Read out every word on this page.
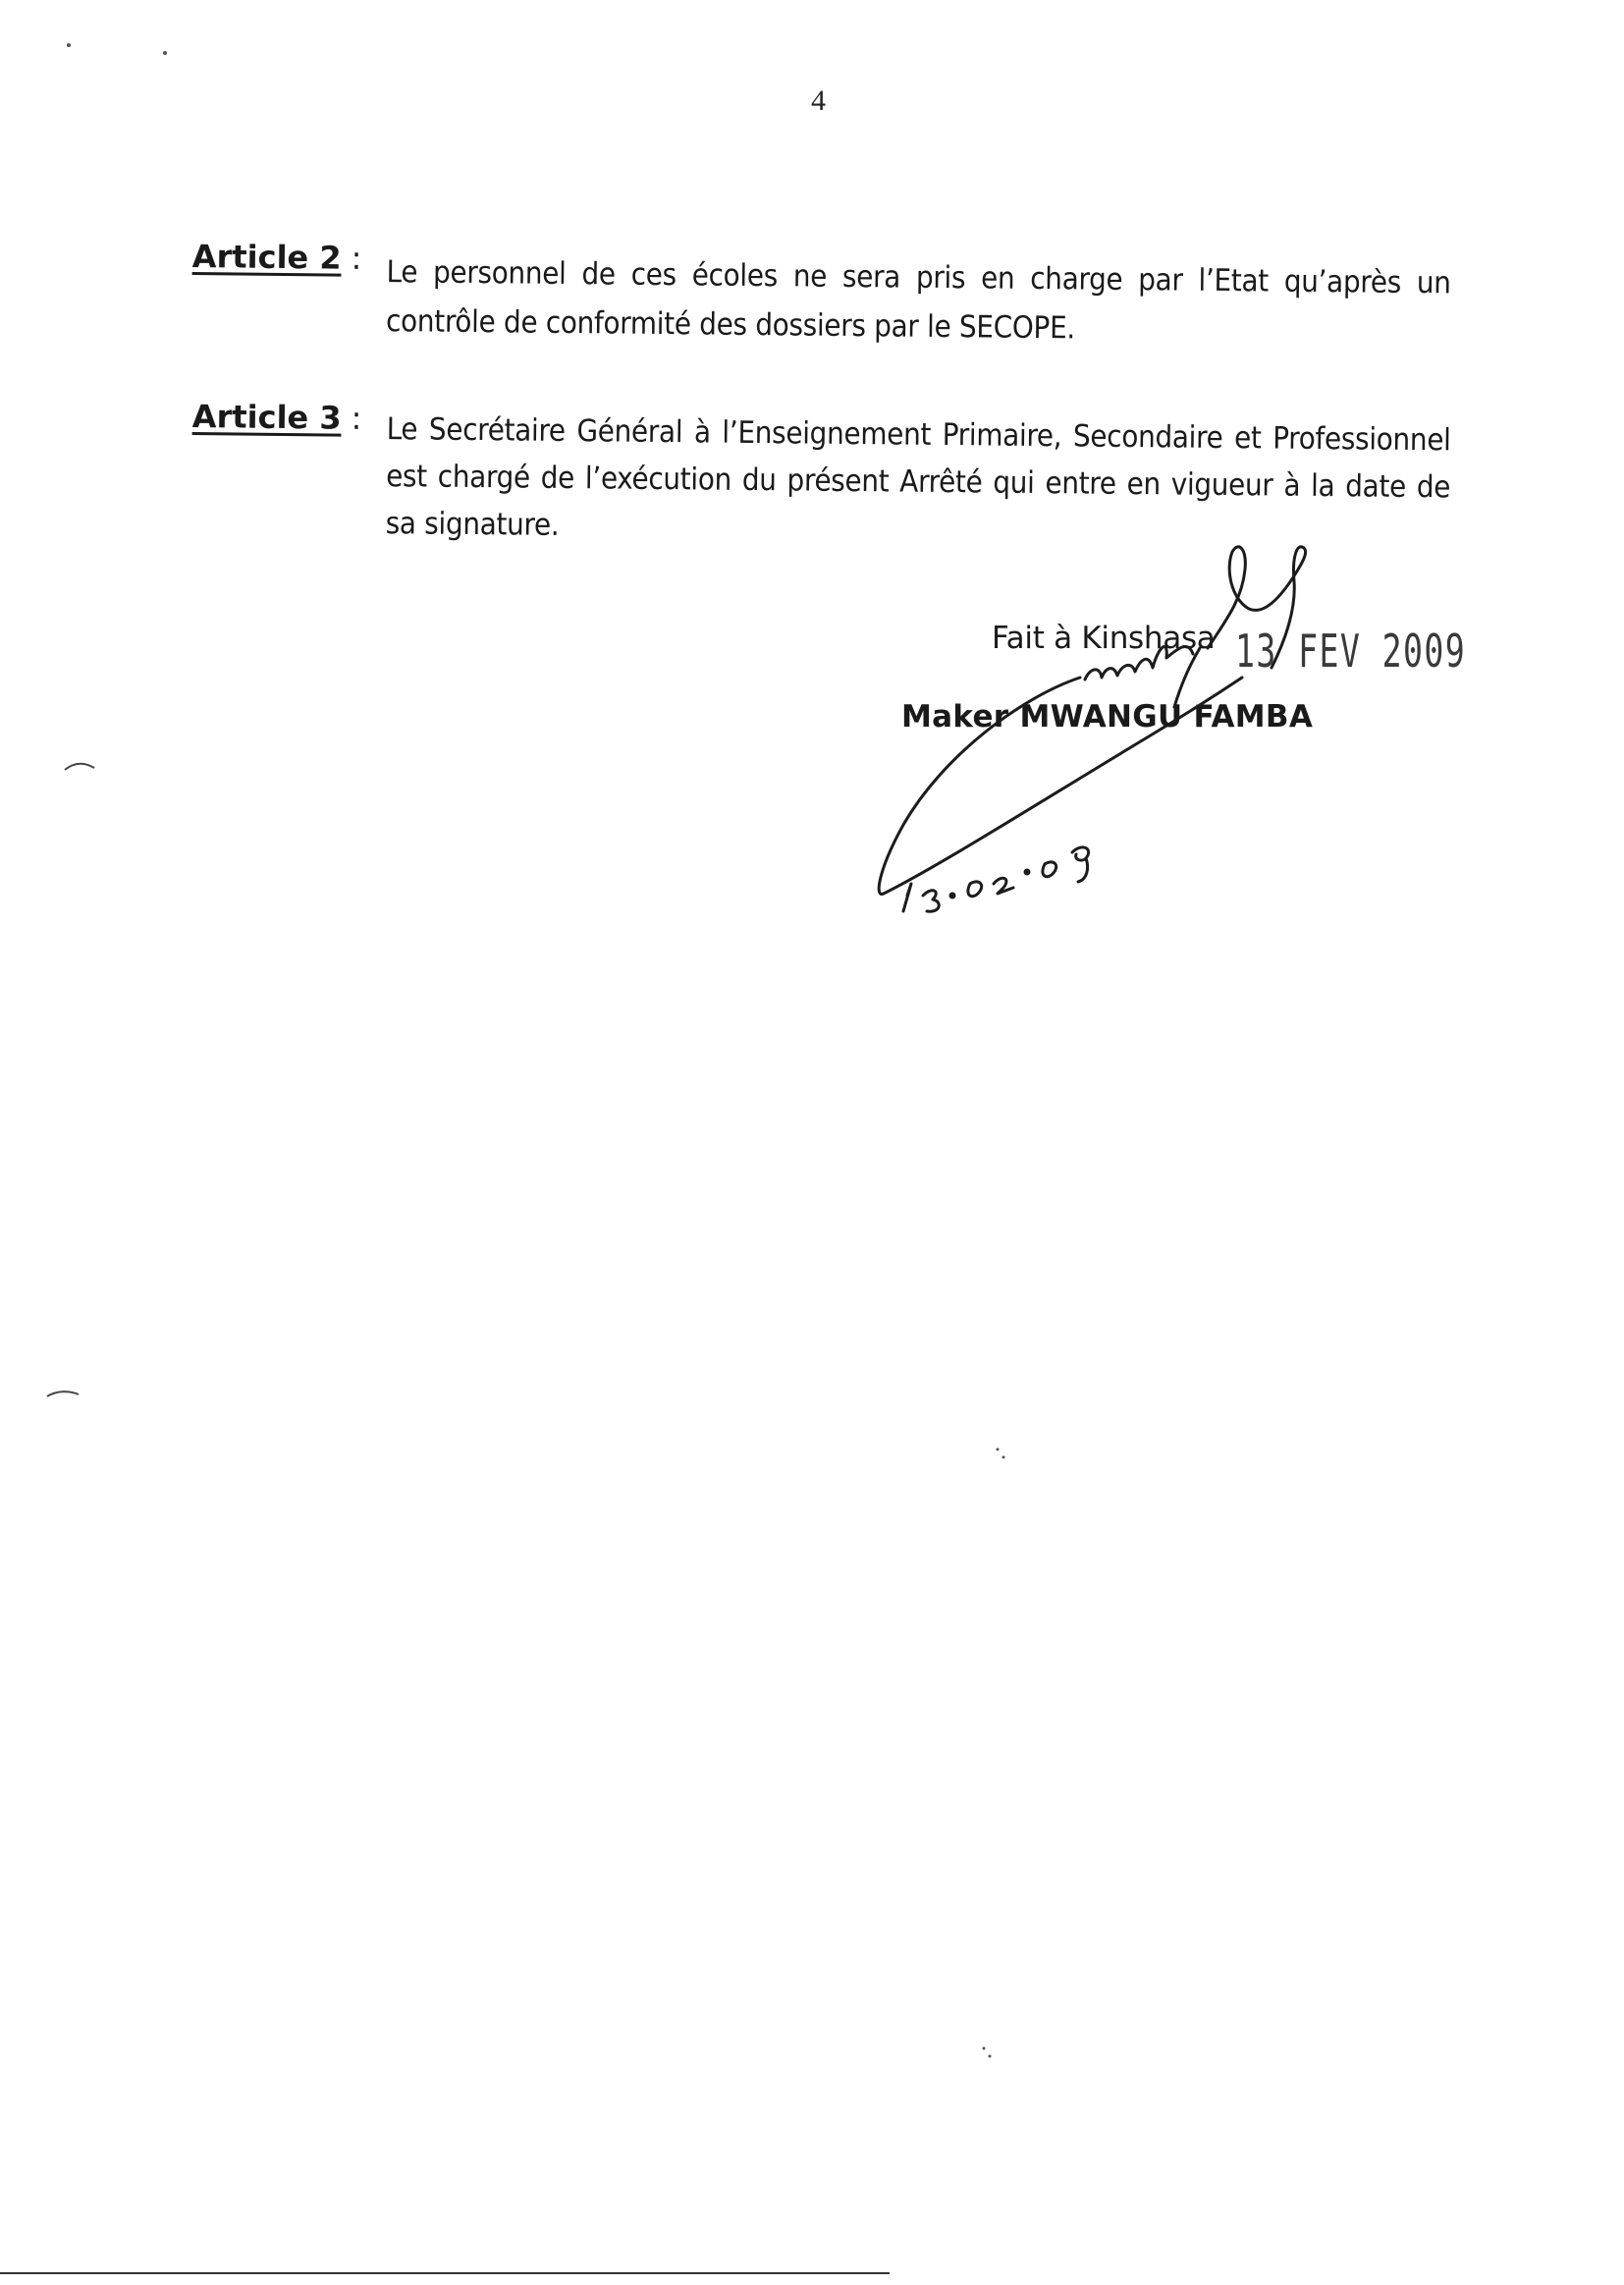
4
Article 2 : Le personnel de ces écoles ne sera pris en charge par l’Etat qu’après un contrôle de conformité des dossiers par le SECOPE.
Article 3 : Le Secrétaire Général à l’Enseignement Primaire, Secondaire et Professionnel est chargé de l’exécution du présent Arrêté qui entre en vigueur à la date de sa signature.
Fait à Kinshasa 13 FEV 2009
Maker MWANGU FAMBA
